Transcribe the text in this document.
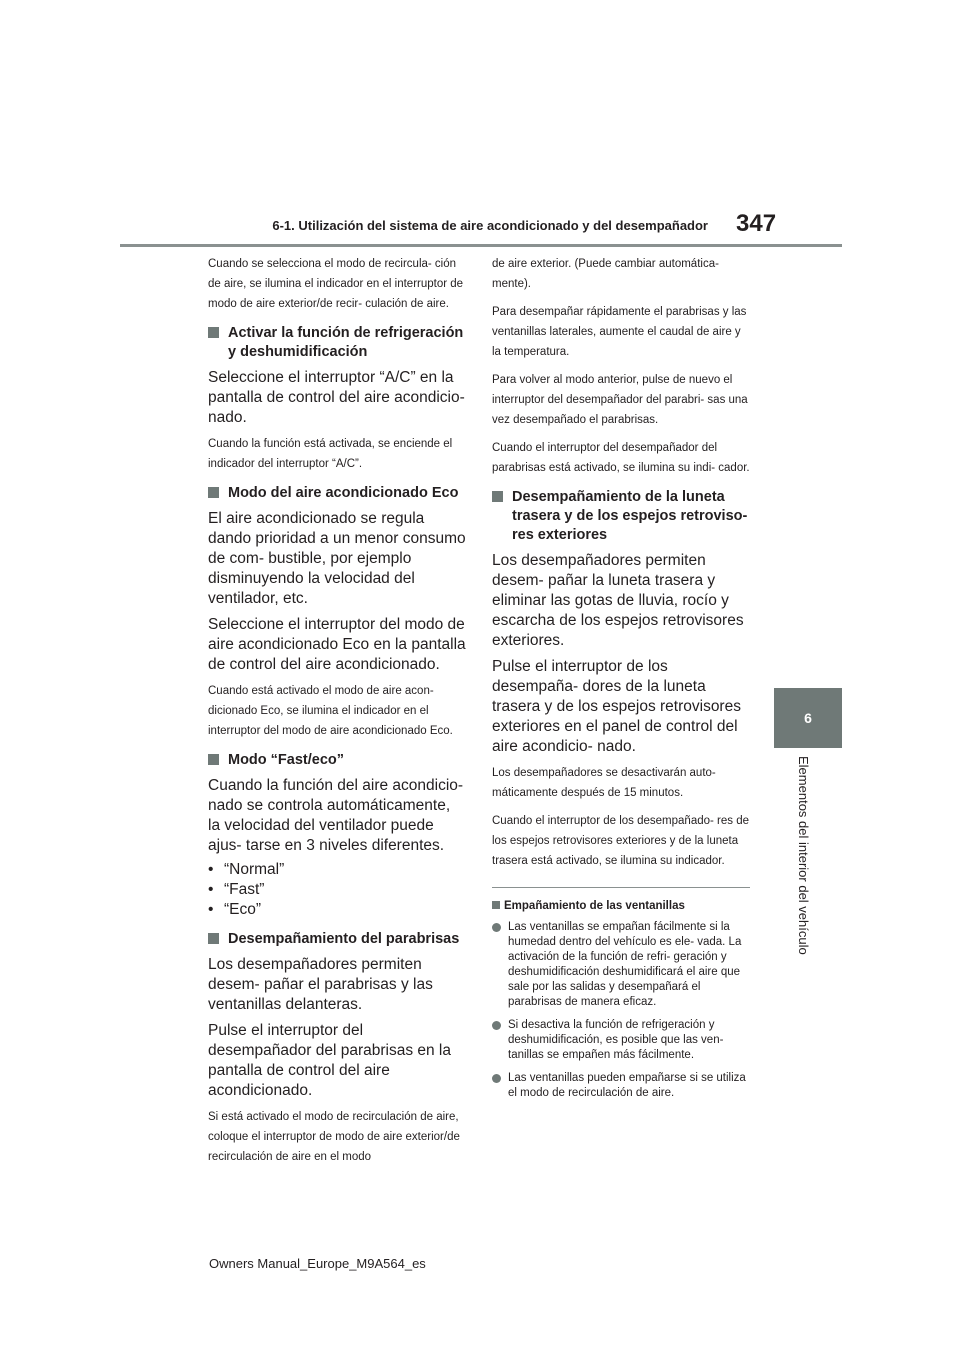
6-1. Utilización del sistema de aire acondicionado y del desempañador 347
6
Elementos del interior del vehículo

Cuando se selecciona el modo de recircula- ción de aire, se ilumina el indicador en el interruptor de modo de aire exterior/de recir- culación de aire.

Activar la función de refrigeración y deshumidificación

Seleccione el interruptor “A/C” en la pantalla de control del aire acondicio- nado.

Cuando la función está activada, se enciende el indicador del interruptor “A/C”.

Modo del aire acondicionado Eco

El aire acondicionado se regula dando prioridad a un menor consumo de com- bustible, por ejemplo disminuyendo la velocidad del ventilador, etc.

Seleccione el interruptor del modo de aire acondicionado Eco en la pantalla de control del aire acondicionado.

Cuando está activado el modo de aire acon- dicionado Eco, se ilumina el indicador en el interruptor del modo de aire acondicionado Eco.

Modo “Fast/eco”

Cuando la función del aire acondicio- nado se controla automáticamente, la velocidad del ventilador puede ajus- tarse en 3 niveles diferentes.

• “Normal”
• “Fast”
• “Eco”
Desempañamiento del parabrisas

Los desempañadores permiten desem- pañar el parabrisas y las ventanillas delanteras.

Pulse el interruptor del desempañador del parabrisas en la pantalla de control del aire acondicionado.

Si está activado el modo de recirculación de aire, coloque el interruptor de modo de aire exterior/de recirculación de aire en el modo

de aire exterior. (Puede cambiar automática- mente).

Para desempañar rápidamente el parabrisas y las ventanillas laterales, aumente el caudal de aire y la temperatura.

Para volver al modo anterior, pulse de nuevo el interruptor del desempañador del parabri- sas una vez desempañado el parabrisas.

Cuando el interruptor del desempañador del parabrisas está activado, se ilumina su indi- cador.

Desempañamiento de la luneta trasera y de los espejos retroviso- res exteriores

Los desempañadores permiten desem- pañar la luneta trasera y eliminar las gotas de lluvia, rocío y escarcha de los espejos retrovisores exteriores.

Pulse el interruptor de los desempaña- dores de la luneta trasera y de los espejos retrovisores exteriores en el panel de control del aire acondicio- nado.

Los desempañadores se desactivarán auto- máticamente después de 15 minutos.

Cuando el interruptor de los desempañado- res de los espejos retrovisores exteriores y de la luneta trasera está activado, se ilumina su indicador.

Empañamiento de las ventanillas
Las ventanillas se empañan fácilmente si la humedad dentro del vehículo es ele- vada. La activación de la función de refri- geración y deshumidificación deshumidificará el aire que sale por las salidas y desempañará el parabrisas de manera eficaz.
Si desactiva la función de refrigeración y deshumidificación, es posible que las ven- tanillas se empañen más fácilmente.
Las ventanillas pueden empañarse si se utiliza el modo de recirculación de aire.
Owners Manual_Europe_M9A564_es
